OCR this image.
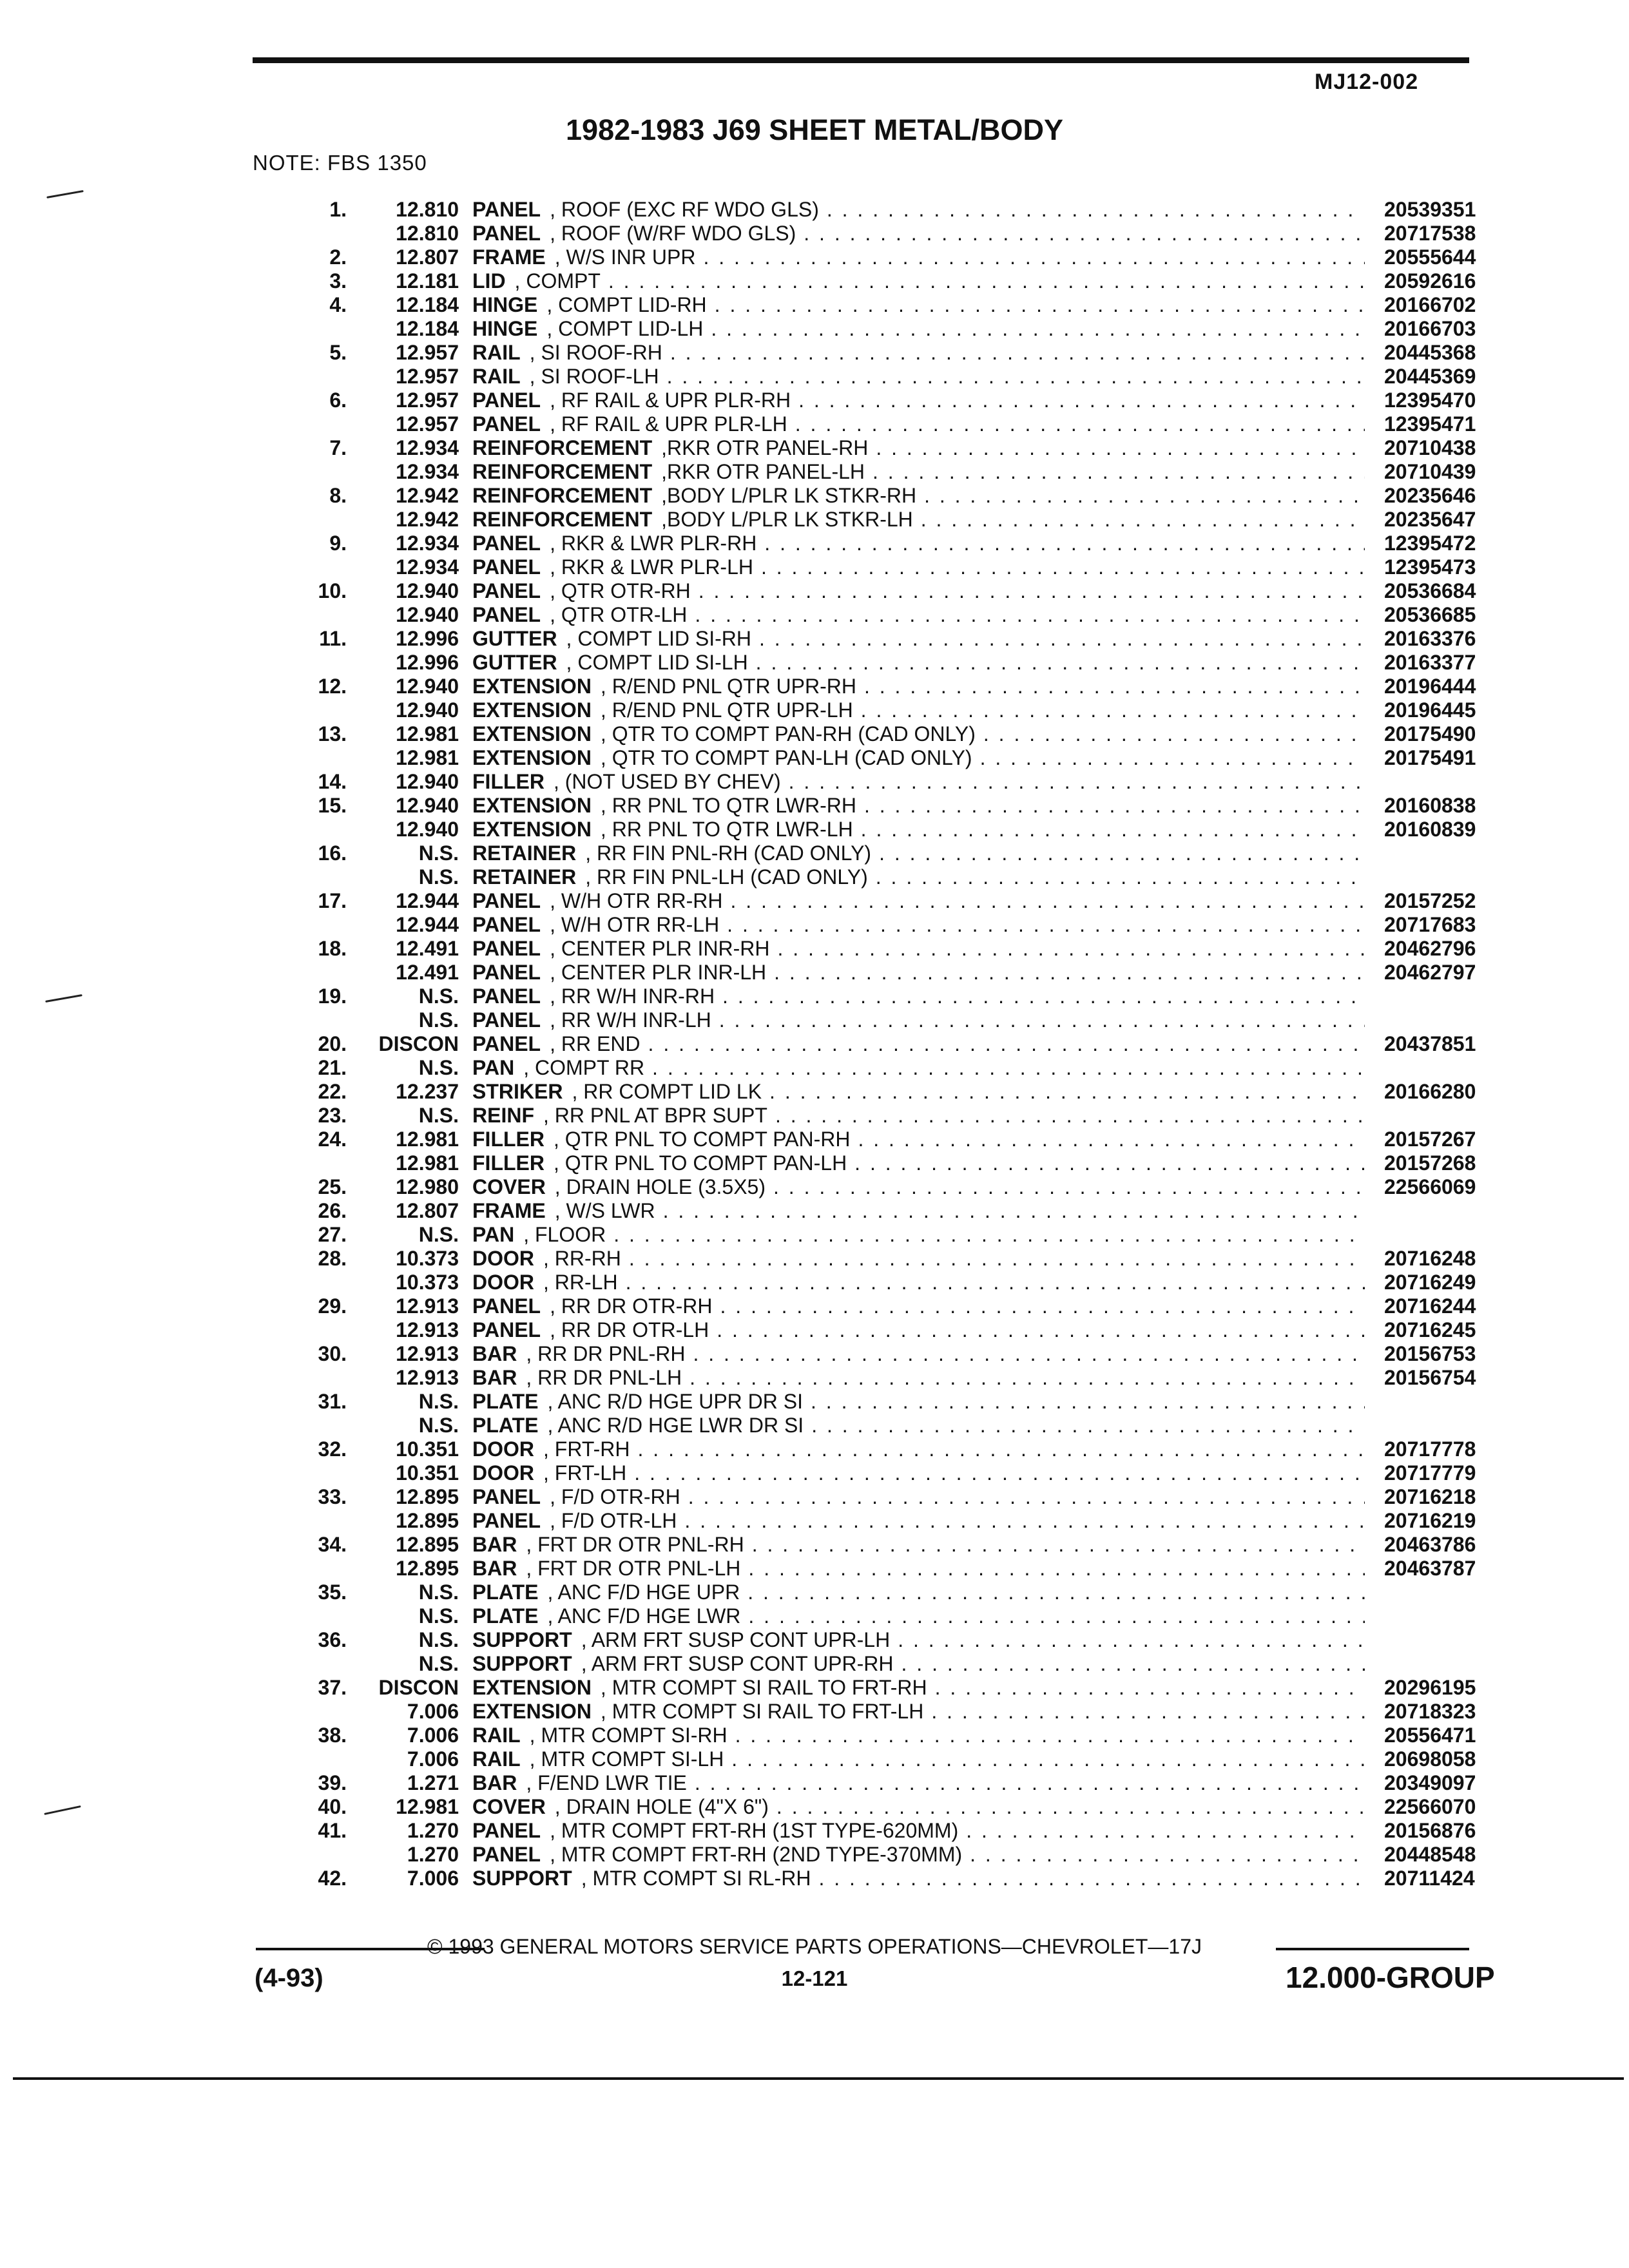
MJ12-002
1982-1983 J69 SHEET METAL/BODY
NOTE: FBS 1350
1. 12.810 PANEL , ROOF (EXC RF WDO GLS) . . .	20539351
12.810 PANEL , ROOF (W/RF WDO GLS) . . .	20717538
2. 12.807 FRAME , W/S INR UPR . . .	20555644
3. 12.181 LID , COMPT . . .	20592616
4. 12.184 HINGE , COMPT LID-RH . . .	20166702
12.184 HINGE , COMPT LID-LH . . .	20166703
5. 12.957 RAIL , SI ROOF-RH . . .	20445368
12.957 RAIL , SI ROOF-LH . . .	20445369
6. 12.957 PANEL , RF RAIL & UPR PLR-RH . . .	12395470
12.957 PANEL , RF RAIL & UPR PLR-LH . . .	12395471
7. 12.934 REINFORCEMENT ,RKR OTR PANEL-RH . . .	20710438
12.934 REINFORCEMENT ,RKR OTR PANEL-LH . . .	20710439
8. 12.942 REINFORCEMENT ,BODY L/PLR LK STKR-RH . . .	20235646
12.942 REINFORCEMENT ,BODY L/PLR LK STKR-LH . . .	20235647
9. 12.934 PANEL , RKR & LWR PLR-RH . . .	12395472
12.934 PANEL , RKR & LWR PLR-LH . . .	12395473
10. 12.940 PANEL , QTR OTR-RH . . .	20536684
12.940 PANEL , QTR OTR-LH . . .	20536685
11. 12.996 GUTTER , COMPT LID SI-RH . . .	20163376
12.996 GUTTER , COMPT LID SI-LH . . .	20163377
12. 12.940 EXTENSION , R/END PNL QTR UPR-RH . . .	20196444
12.940 EXTENSION , R/END PNL QTR UPR-LH . . .	20196445
13. 12.981 EXTENSION , QTR TO COMPT PAN-RH (CAD ONLY) . . .	20175490
12.981 EXTENSION , QTR TO COMPT PAN-LH (CAD ONLY) . . .	20175491
14. 12.940 FILLER , (NOT USED BY CHEV)
. . .
15. 12.940 EXTENSION , RR PNL TO QTR LWR-RH . . .	20160838
12.940 EXTENSION , RR PNL TO QTR LWR-LH . . .	20160839
16.	N.S. RETAINER , RR FIN PNL-RH (CAD ONLY)
. . .
N.S. RETAINER , RR FIN PNL-LH (CAD ONLY)
. . .
17. 12.944 PANEL , W/H OTR RR-RH . . .	20157252
12.944 PANEL , W/H OTR RR-LH . . .	20717683
18. 12.491 PANEL , CENTER PLR INR-RH . . .	20462796
12.491 PANEL , CENTER PLR INR-LH . . .	20462797
19.	N.S. PANEL , RR W/H INR-RH
. . .
N.S. PANEL , RR W/H INR-LH
. . .
20. DISCON PANEL , RR END . . .	20437851
21.	N.S. PAN , COMPT RR
. . .
22. 12.237 STRIKER , RR COMPT LID LK . . .	20166280
23.	N.S. REINF , RR PNL AT BPR SUPT
. . .
24. 12.981 FILLER , QTR PNL TO COMPT PAN-RH . . .	20157267
12.981 FILLER , QTR PNL TO COMPT PAN-LH . . .	20157268
25. 12.980 COVER , DRAIN HOLE (3.5X5) . . .	22566069
26. 12.807 FRAME , W/S LWR
. . .
27.	N.S. PAN , FLOOR
. . .
28. 10.373 DOOR , RR-RH . . .	20716248
10.373 DOOR , RR-LH . . .	20716249
29. 12.913 PANEL , RR DR OTR-RH . . .	20716244
12.913 PANEL , RR DR OTR-LH . . .	20716245
30. 12.913 BAR , RR DR PNL-RH . . .	20156753
12.913 BAR , RR DR PNL-LH . . .	20156754
31.	N.S. PLATE , ANC R/D HGE UPR DR SI
. . .
N.S. PLATE , ANC R/D HGE LWR DR SI
. . .
32. 10.351 DOOR , FRT-RH . . .	20717778
10.351 DOOR , FRT-LH . . .	20717779
33. 12.895 PANEL , F/D OTR-RH . . .	20716218
12.895 PANEL , F/D OTR-LH . . .	20716219
34. 12.895 BAR , FRT DR OTR PNL-RH . . .	20463786
12.895 BAR , FRT DR OTR PNL-LH . . .	20463787
35.	N.S. PLATE , ANC F/D HGE UPR
. . .
N.S. PLATE , ANC F/D HGE LWR
. . .
36.	N.S. SUPPORT , ARM FRT SUSP CONT UPR-LH
. . .
N.S. SUPPORT , ARM FRT SUSP CONT UPR-RH
. . .
37. DISCON EXTENSION , MTR COMPT SI RAIL TO FRT-RH . . .	20296195
7.006 EXTENSION , MTR COMPT SI RAIL TO FRT-LH . . .	20718323
38.	7.006 RAIL , MTR COMPT SI-RH . . .	20556471
7.006 RAIL , MTR COMPT SI-LH . . .	20698058
39.	1.271 BAR , F/END LWR TIE . . .	20349097
40. 12.981 COVER , DRAIN HOLE (4"X 6") . . .	22566070
41.	1.270 PANEL , MTR COMPT FRT-RH (1ST TYPE-620MM) . . .	20156876
1.270 PANEL , MTR COMPT FRT-RH (2ND TYPE-370MM) . . .	20448548
42.	7.006 SUPPORT , MTR COMPT SI RL-RH . . .	20711424
© 1993 GENERAL MOTORS SERVICE PARTS OPERATIONS—CHEVROLET—17J
(4-93)	12-121	12.000-GROUP
